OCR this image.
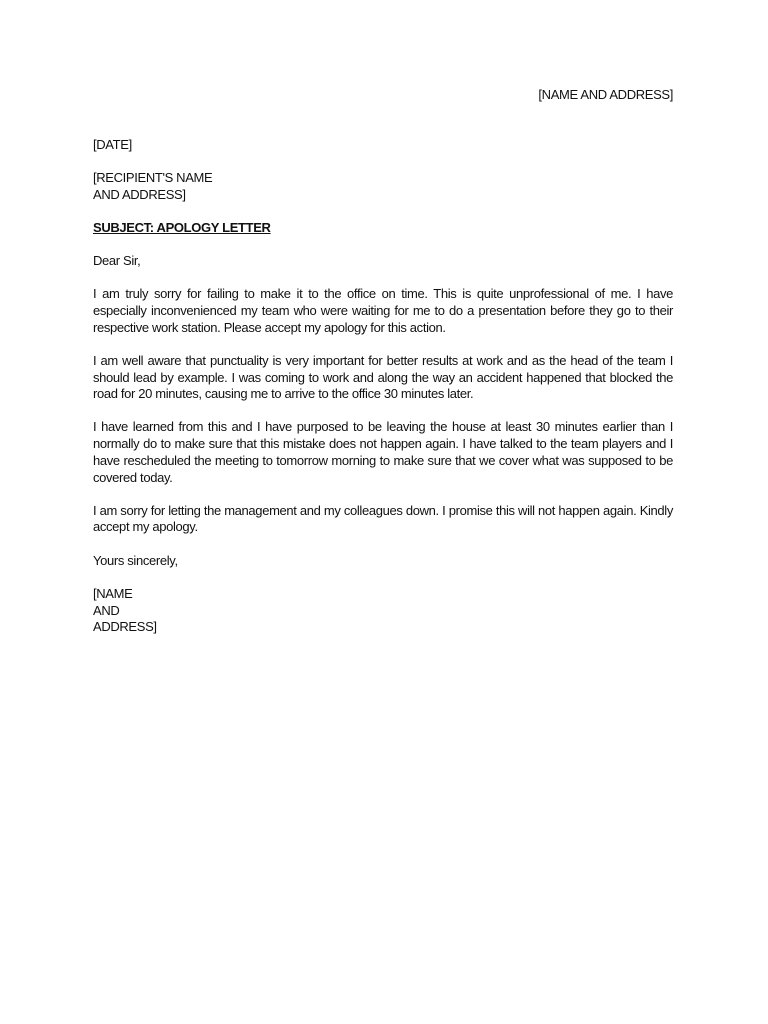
[NAME AND ADDRESS]

[DATE]

[RECIPIENT'S NAME
AND ADDRESS]

SUBJECT: APOLOGY LETTER

Dear Sir,

I am truly sorry for failing to make it to the office on time. This is quite unprofessional of me. I have especially inconvenienced my team who were waiting for me to do a presentation before they go to their respective work station. Please accept my apology for this action.

I am well aware that punctuality is very important for better results at work and as the head of the team I should lead by example. I was coming to work and along the way an accident happened that blocked the road for 20 minutes, causing me to arrive to the office 30 minutes later.

I have learned from this and I have purposed to be leaving the house at least 30 minutes earlier than I normally do to make sure that this mistake does not happen again. I have talked to the team players and I have rescheduled the meeting to tomorrow morning to make sure that we cover what was supposed to be covered today.

I am sorry for letting the management and my colleagues down. I promise this will not happen again. Kindly accept my apology.

Yours sincerely,

[NAME
AND
ADDRESS]
